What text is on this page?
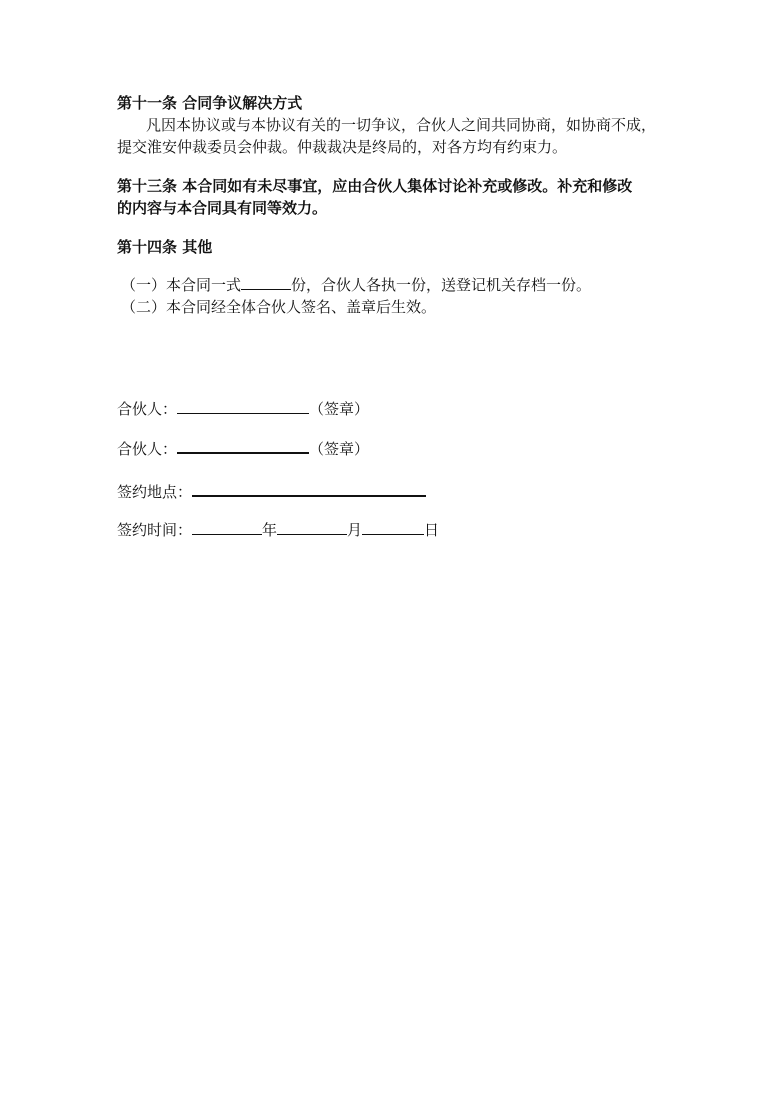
第十一条 合同争议解决方式
凡因本协议或与本协议有关的一切争议，合伙人之间共同协商，如协商不成，
提交淮安仲裁委员会仲裁。仲裁裁决是终局的，对各方均有约束力。
第十三条 本合同如有未尽事宜，应由合伙人集体讨论补充或修改。补充和修改
的内容与本合同具有同等效力。
第十四条 其他
（一）本合同一式	份，合伙人各执一份，送登记机关存档一份。
（二）本合同经全体合伙人签名、盖章后生效。
合伙人：	（签章）
合伙人：	（签章）
签约地点：
签约时间：	年	月	日
